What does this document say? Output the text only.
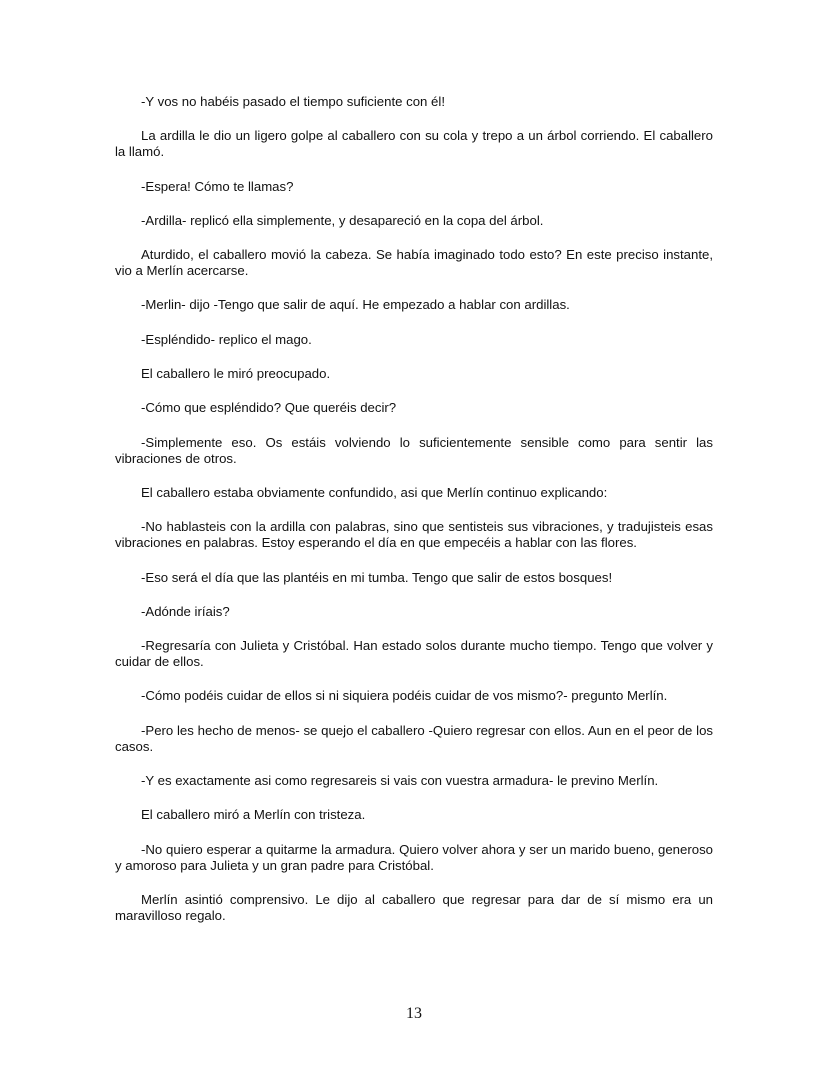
-Y vos no habéis pasado el tiempo suficiente con él!

La ardilla le dio un ligero golpe al caballero con su cola y trepo a un árbol corriendo. El caballero la llamó.

-Espera! Cómo te llamas?

-Ardilla- replicó ella simplemente, y desapareció en la copa del árbol.

Aturdido, el caballero movió la cabeza. Se había imaginado todo esto? En este preciso instante, vio a Merlín acercarse.

-Merlin- dijo -Tengo que salir de aquí. He empezado a hablar con ardillas.

-Espléndido- replico el mago.

El caballero le miró preocupado.

-Cómo que espléndido? Que queréis decir?

-Simplemente eso. Os estáis volviendo lo suficientemente sensible como para sentir las vibraciones de otros.

El caballero estaba obviamente confundido, asi que Merlín continuo explicando:

-No hablasteis con la ardilla con palabras, sino que sentisteis sus vibraciones, y tradujisteis esas vibraciones en palabras. Estoy esperando el día en que empecéis a hablar con las flores.

-Eso será el día que las plantéis en mi tumba. Tengo que salir de estos bosques!

-Adónde iríais?

-Regresaría con Julieta y Cristóbal. Han estado solos durante mucho tiempo. Tengo que volver y cuidar de ellos.

-Cómo podéis cuidar de ellos si ni siquiera podéis cuidar de vos mismo?- pregunto Merlín.

-Pero les hecho de menos- se quejo el caballero -Quiero regresar con ellos. Aun en el peor de los casos.

-Y es exactamente asi como regresareis si vais con vuestra armadura- le previno Merlín.

El caballero miró a Merlín con tristeza.

-No quiero esperar a quitarme la armadura. Quiero volver ahora y ser un marido bueno, generoso y amoroso para Julieta y un gran padre para Cristóbal.

Merlín asintió comprensivo. Le dijo al caballero que regresar para dar de sí mismo era un maravilloso regalo.

13
